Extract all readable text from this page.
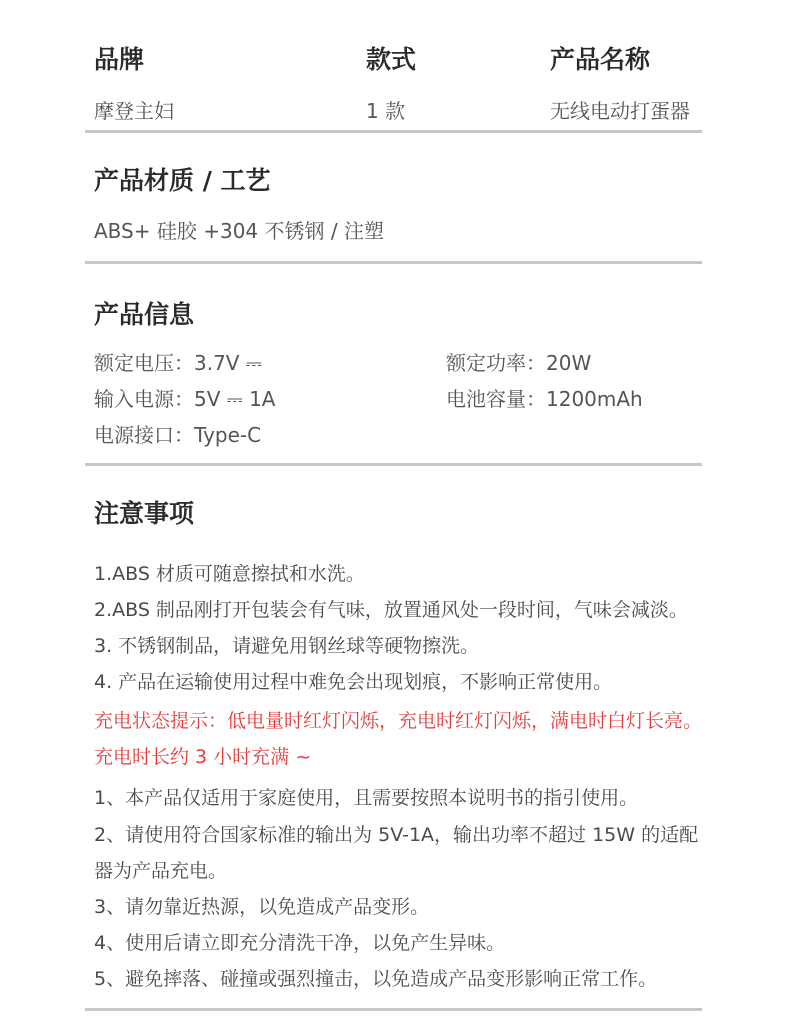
品牌	款式	产品名称
摩登主妇	1 款	无线电动打蛋器
产品材质 / 工艺
ABS+ 硅胶 +304 不锈钢 / 注塑
产品信息
额定电压：3.7V ⎓	额定功率：20W
输入电源：5V ⎓ 1A	电池容量：1200mAh
电源接口：Type-C
注意事项
1.ABS 材质可随意擦拭和水洗。
2.ABS 制品刚打开包装会有气味，放置通风处一段时间，气味会减淡。
3. 不锈钢制品，请避免用钢丝球等硬物擦洗。
4. 产品在运输使用过程中难免会出现划痕，不影响正常使用。
充电状态提示：低电量时红灯闪烁，充电时红灯闪烁，满电时白灯长亮。
充电时长约 3 小时充满 ~
1、本产品仅适用于家庭使用，且需要按照本说明书的指引使用。
2、请使用符合国家标准的输出为 5V-1A，输出功率不超过 15W 的适配
器为产品充电。
3、请勿靠近热源，以免造成产品变形。
4、使用后请立即充分清洗干净，以免产生异味。
5、避免摔落、碰撞或强烈撞击，以免造成产品变形影响正常工作。
